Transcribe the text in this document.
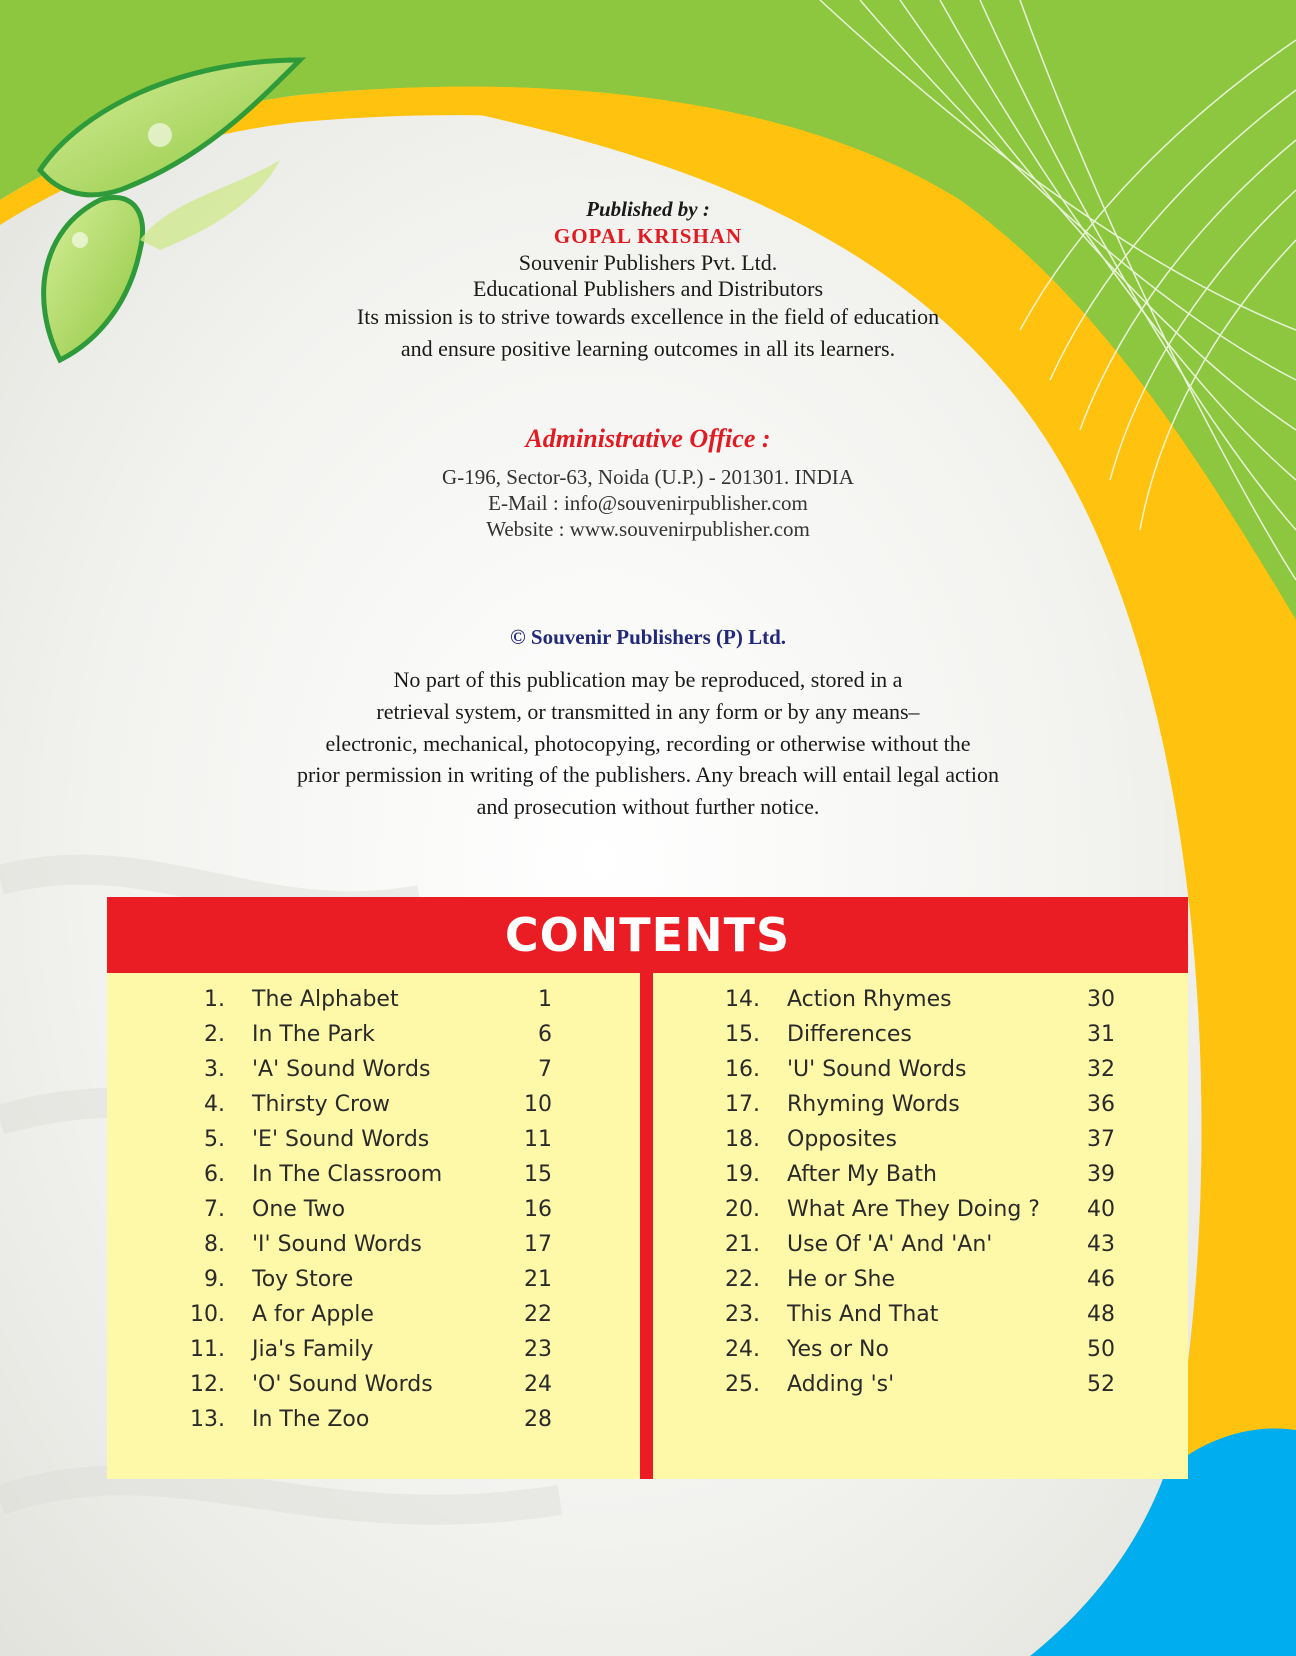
Published by :
GOPAL KRISHAN
Souvenir Publishers Pvt. Ltd.
Educational Publishers and Distributors
Its mission is to strive towards excellence in the field of education
and ensure positive learning outcomes in all its learners.
Administrative Office :
G-196, Sector-63, Noida (U.P.) - 201301. INDIA
E-Mail : info@souvenirpublisher.com
Website : www.souvenirpublisher.com
© Souvenir Publishers (P) Ltd.
No part of this publication may be reproduced, stored in a
retrieval system, or transmitted in any form or by any means–
electronic, mechanical, photocopying, recording or otherwise without the
prior permission in writing of the publishers. Any breach will entail legal action
and prosecution without further notice.
CONTENTS
1. The Alphabet	1
2. In The Park	6
3. 'A' Sound Words	7
4. Thirsty Crow	10
5. 'E' Sound Words	11
6. In The Classroom	15
7. One Two	16
8. 'I' Sound Words	17
9. Toy Store	21
10. A for Apple	22
11. Jia's Family	23
12. 'O' Sound Words	24
13. In The Zoo	28
14. Action Rhymes	30
15. Differences	31
16. 'U' Sound Words	32
17. Rhyming Words	36
18. Opposites	37
19. After My Bath	39
20. What Are They Doing ?	40
21. Use Of 'A' And 'An'	43
22. He or She	46
23. This And That	48
24. Yes or No	50
25. Adding 's'	52
